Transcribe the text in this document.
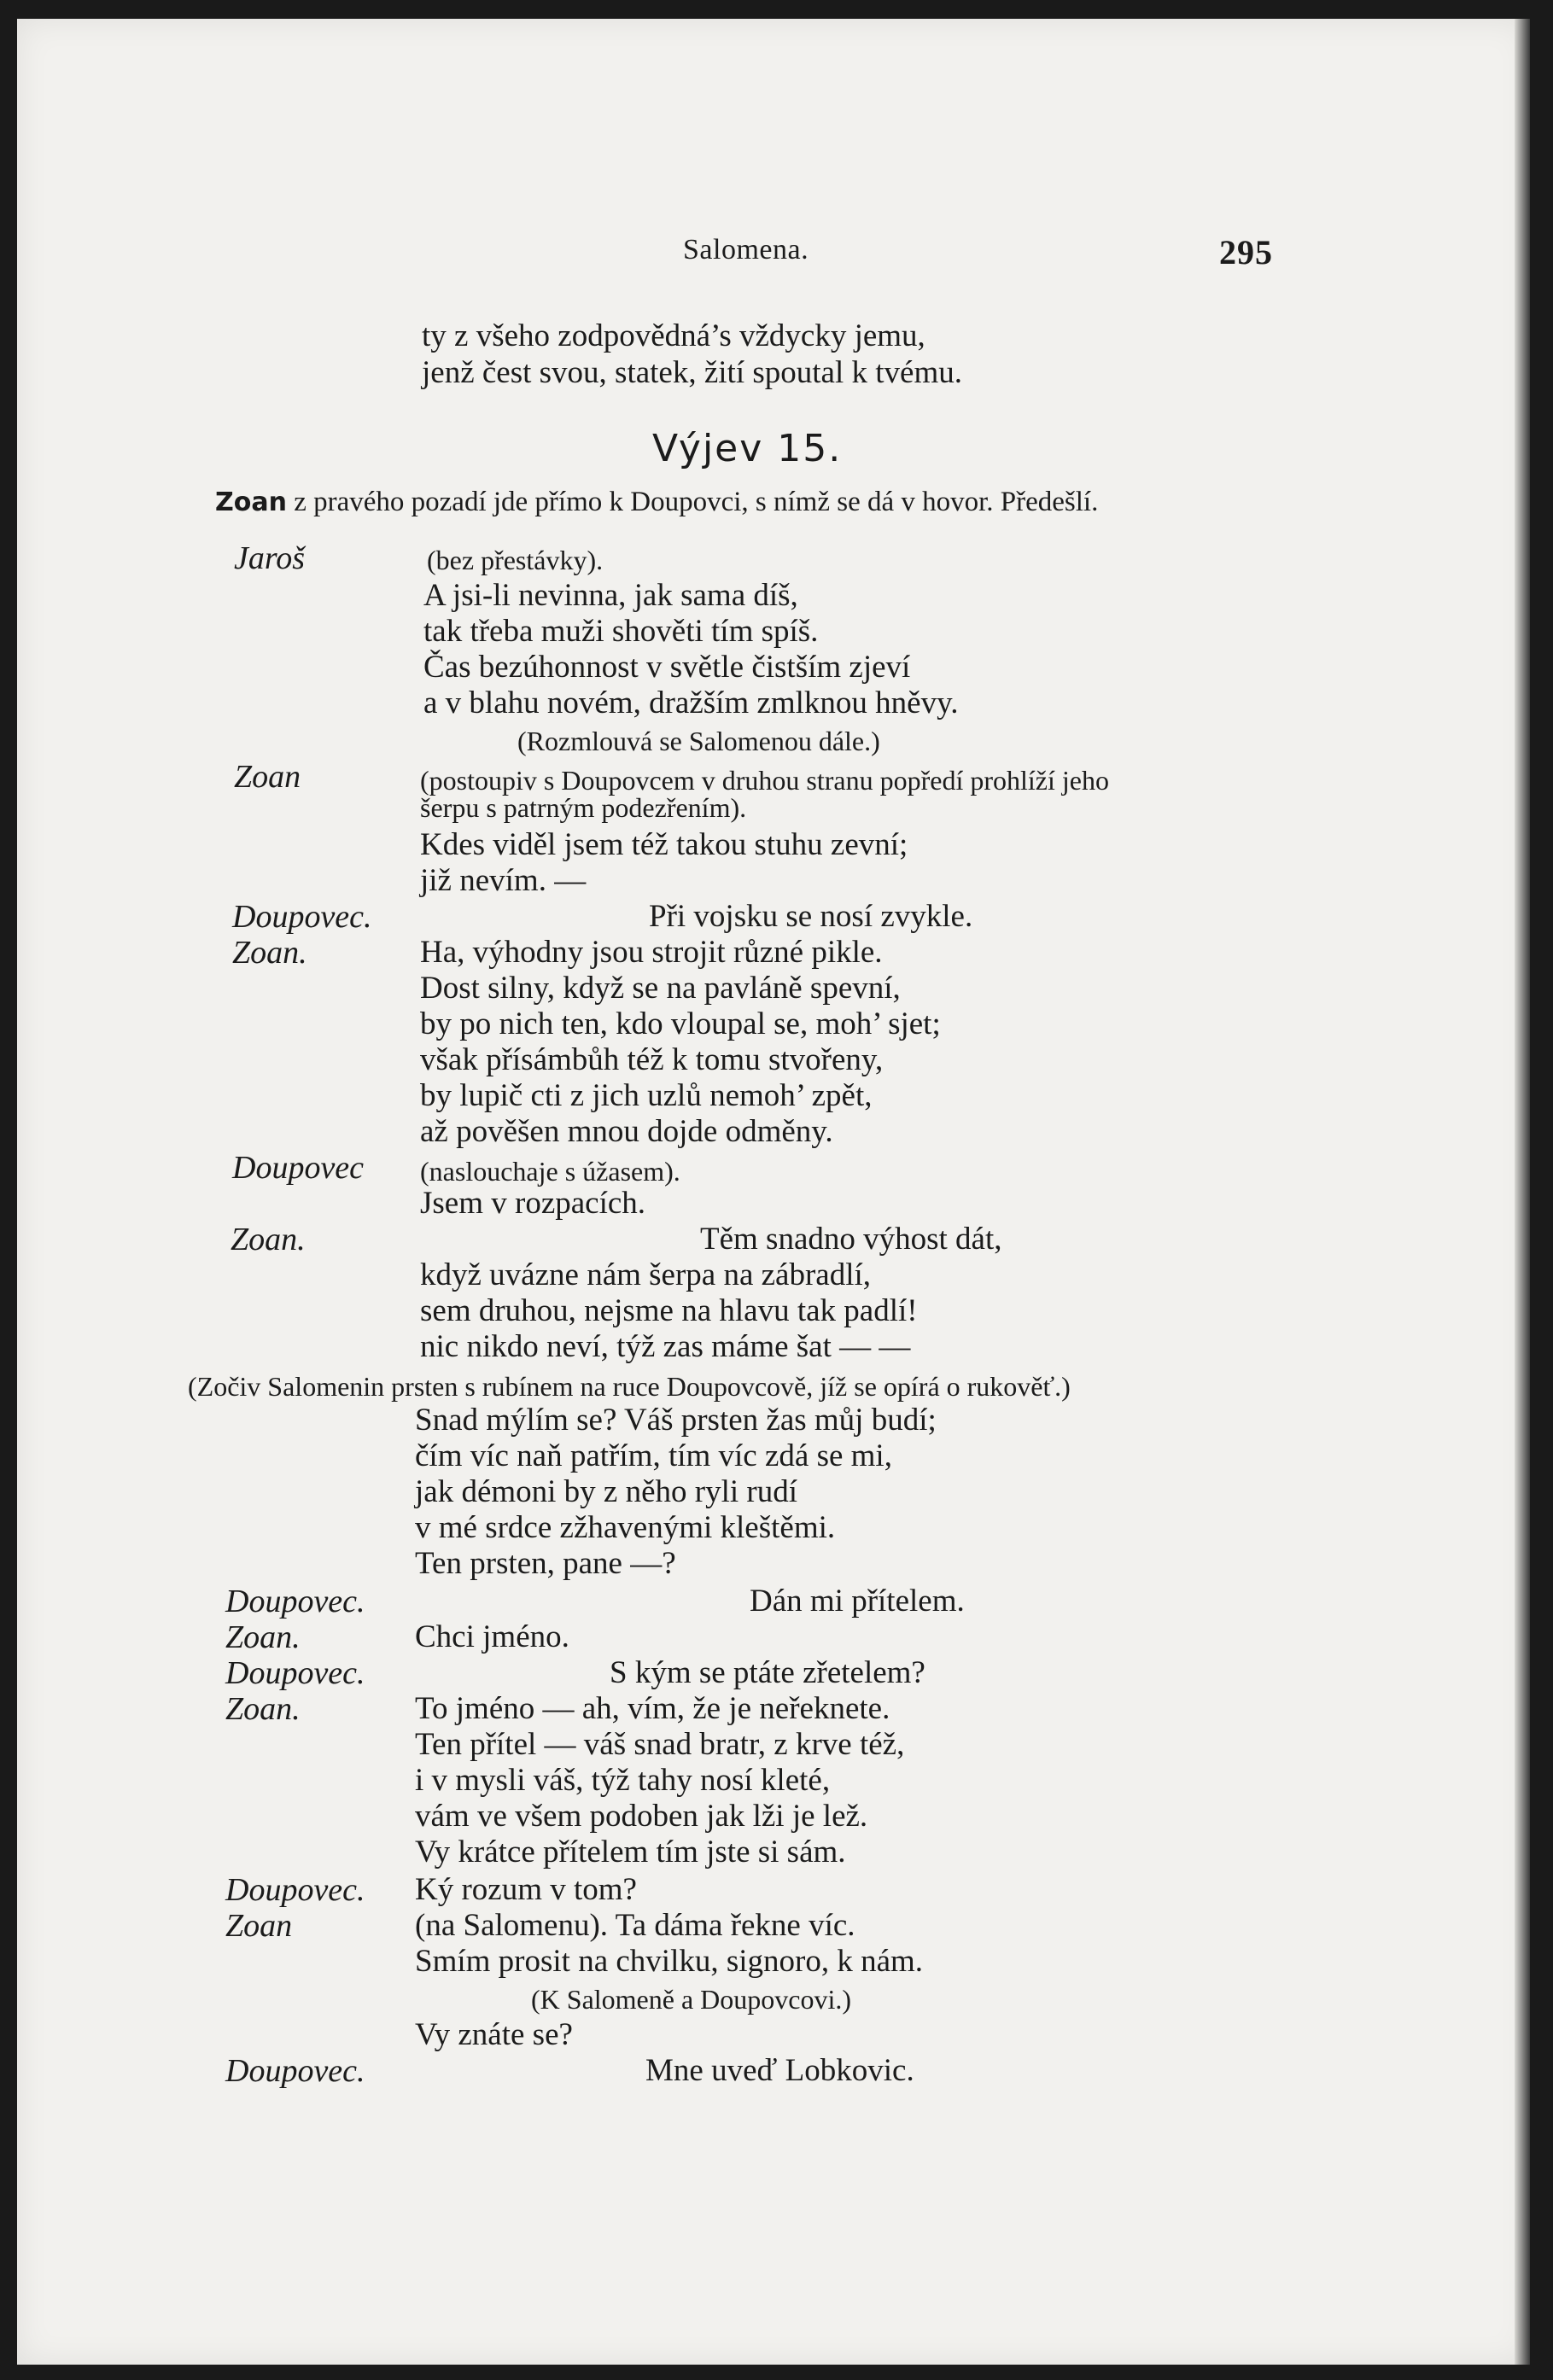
Salomena.	295
ty z všeho zodpovědná’s vždycky jemu,
jenž čest svou, statek, žití spoutal k tvému.
Výjev 15.
Zoan z pravého pozadí jde přímo k Doupovci, s nímž se dá v hovor. Předešlí.
Jaroš	(bez přestávky).
A jsi-li nevinna, jak sama díš,
tak třeba muži shověti tím spíš.
Čas bezúhonnost v světle čistším zjeví
a v blahu novém, dražším zmlknou hněvy.
(Rozmlouvá se Salomenou dále.)
Zoan	(postoupiv s Doupovcem v druhou stranu popředí prohlíží jeho
šerpu s patrným podezřením).
Kdes viděl jsem též takou stuhu zevní;
již nevím. —
Doupovec.	Při vojsku se nosí zvykle.
Zoan.	Ha, výhodny jsou strojit různé pikle.
Dost silny, když se na pavláně spevní,
by po nich ten, kdo vloupal se, moh’ sjet;
však přísámbůh též k tomu stvořeny,
by lupič cti z jich uzlů nemoh’ zpět,
až pověšen mnou dojde odměny.
Doupovec (naslouchaje s úžasem).
Jsem v rozpacích.
Zoan.	Těm snadno výhost dát,
když uvázne nám šerpa na zábradlí,
sem druhou, nejsme na hlavu tak padlí!
nic nikdo neví, týž zas máme šat — —
(Zočiv Salomenin prsten s rubínem na ruce Doupovcově, jíž se opírá o rukověť.)
Snad mýlím se? Váš prsten žas můj budí;
čím víc naň patřím, tím víc zdá se mi,
jak démoni by z něho ryli rudí
v mé srdce zžhavenými kleštěmi.
Ten prsten, pane —?
Doupovec.	Dán mi přítelem.
Zoan.	Chci jméno.
Doupovec.	S kým se ptáte zřetelem?
Zoan.	To jméno — ah, vím, že je neřeknete.
Ten přítel — váš snad bratr, z krve též,
i v mysli váš, týž tahy nosí kleté,
vám ve všem podoben jak lži je lež.
Vy krátce přítelem tím jste si sám.
Doupovec. Ký rozum v tom?
Zoan	(na Salomenu). Ta dáma řekne víc.
Smím prosit na chvilku, signoro, k nám.
(K Salomeně a Doupovcovi.)
Vy znáte se?
Doupovec.	Mne uveď Lobkovic.
